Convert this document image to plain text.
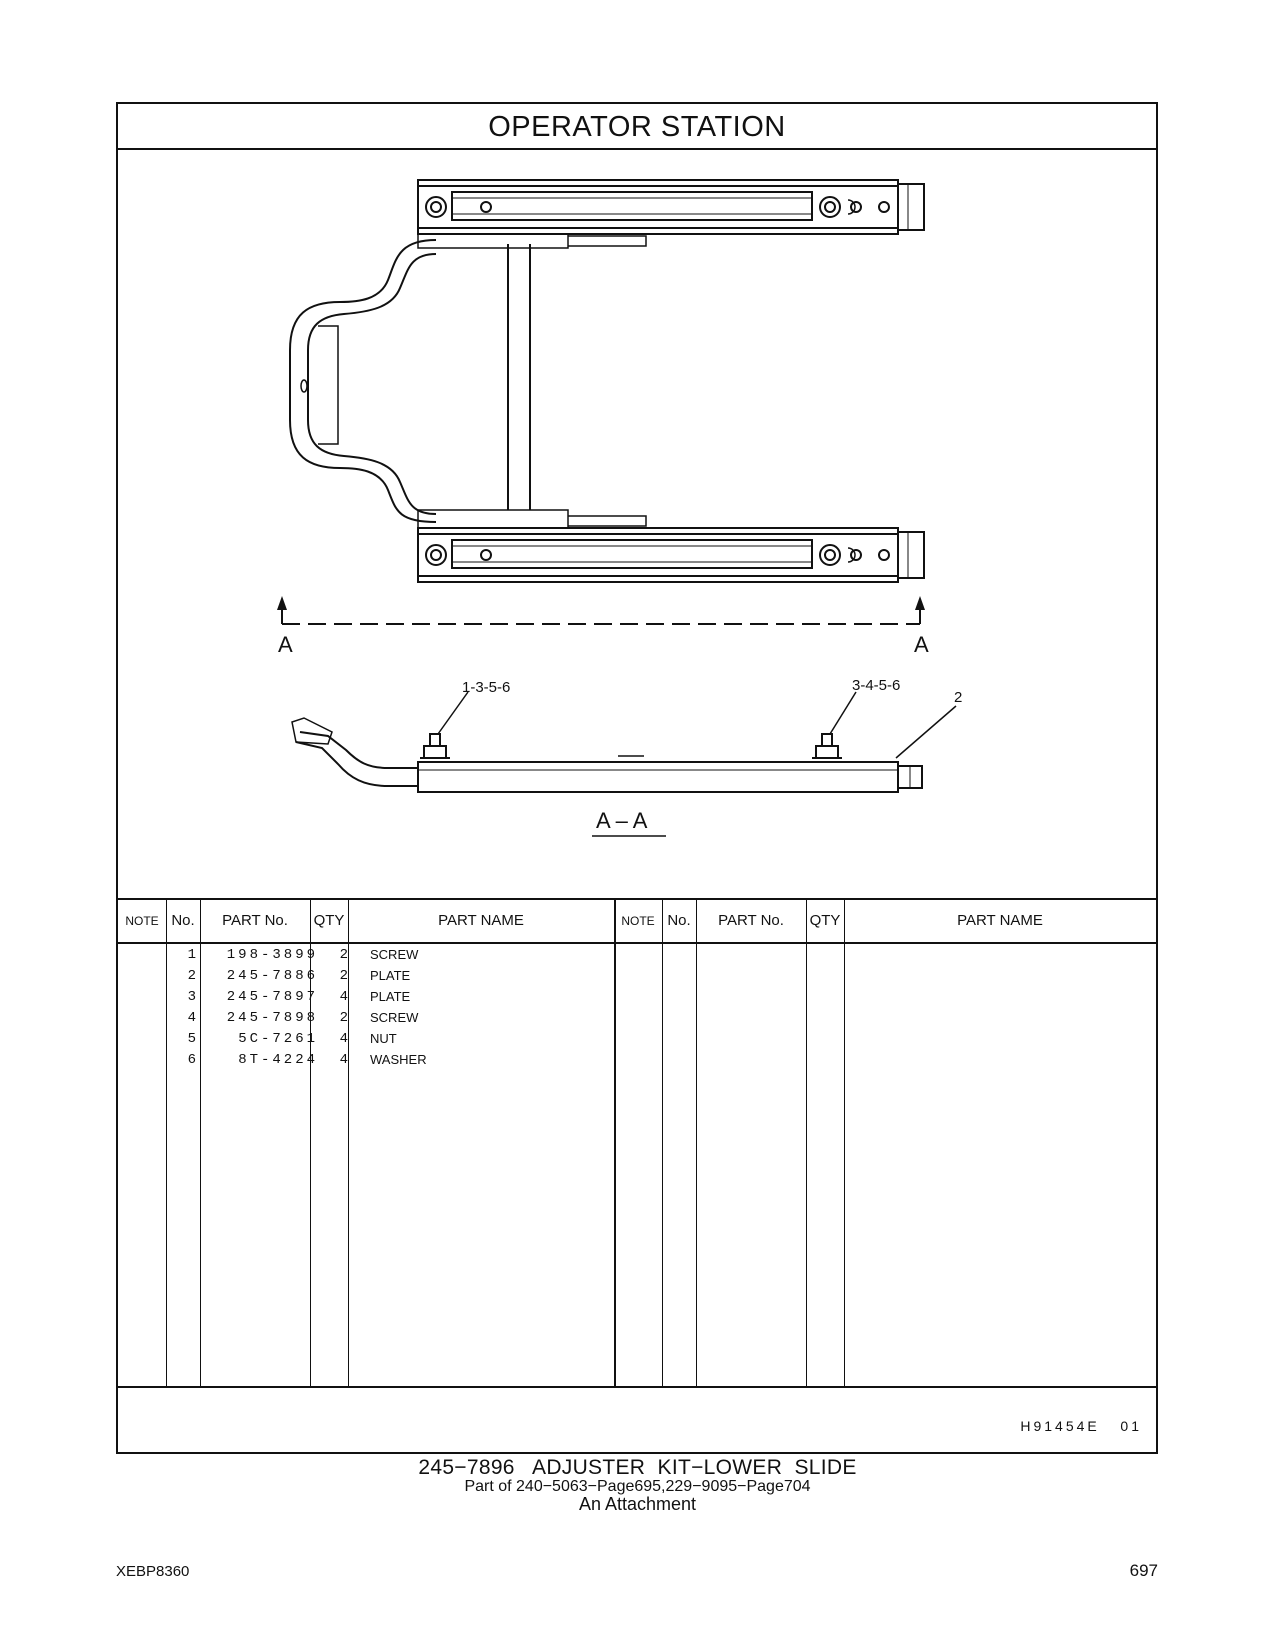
OPERATOR STATION
A	A
1-3-5-6	3-4-5-6
2
A – A
NOTE No.	PART No.	QTY	PART NAME	NOTE No.	PART No.	QTY	PART NAME
1	198-3899	2 SCREW
2	245-7886	2 PLATE
3	245-7897	4 PLATE
4	245-7898	2 SCREW
5	5C-7261	4 NUT
6	8T-4224	4 WASHER
H91454E   01
245−7896   ADJUSTER  KIT−LOWER  SLIDE
Part of 240−5063−Page695,229−9095−Page704
An Attachment
XEBP8360	697
